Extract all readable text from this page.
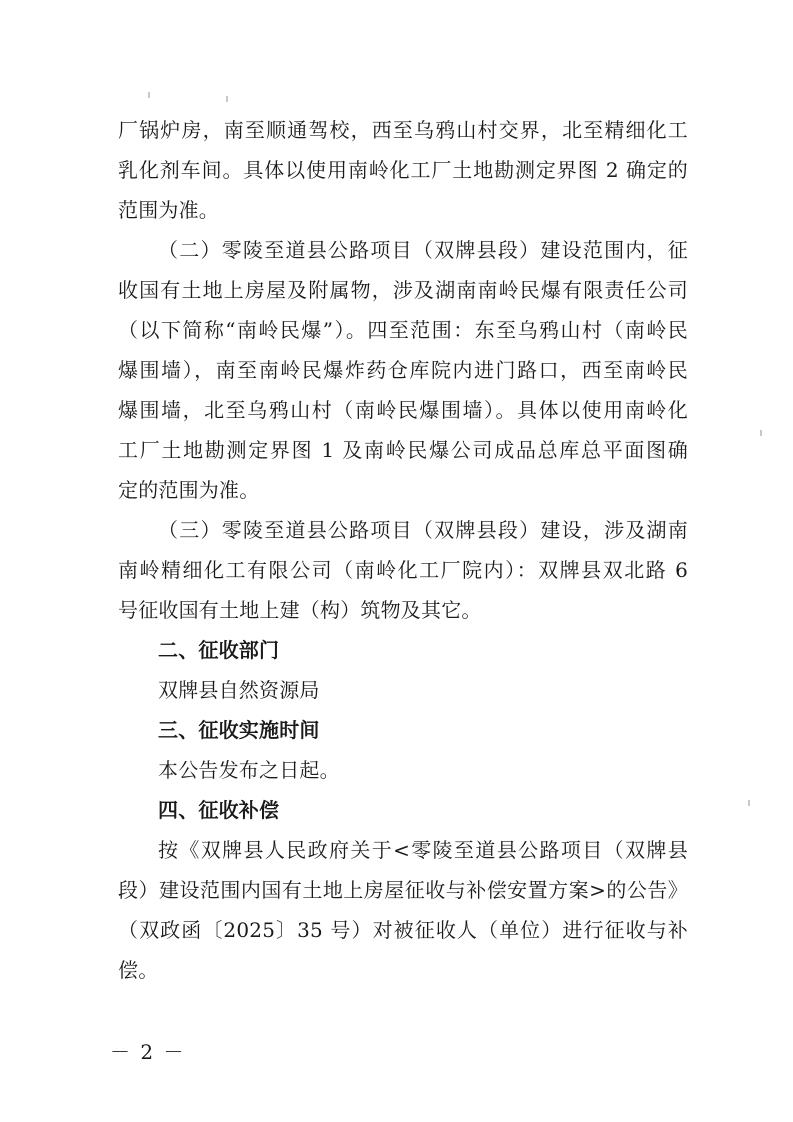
厂锅炉房，南至顺通驾校，西至乌鸦山村交界，北至精细化工
乳化剂车间。具体以使用南岭化工厂土地勘测定界图 2 确定的
范围为准。
（二）零陵至道县公路项目（双牌县段）建设范围内，征
收国有土地上房屋及附属物，涉及湖南南岭民爆有限责任公司
（以下简称“南岭民爆”）。四至范围：东至乌鸦山村（南岭民
爆围墙），南至南岭民爆炸药仓库院内进门路口，西至南岭民
爆围墙，北至乌鸦山村（南岭民爆围墙）。具体以使用南岭化
工厂土地勘测定界图 1 及南岭民爆公司成品总库总平面图确
定的范围为准。
（三）零陵至道县公路项目（双牌县段）建设，涉及湖南
南岭精细化工有限公司（南岭化工厂院内）：双牌县双北路 6
号征收国有土地上建（构）筑物及其它。
二、征收部门
双牌县自然资源局
三、征收实施时间
本公告发布之日起。
四、征收补偿
按《双牌县人民政府关于<零陵至道县公路项目（双牌县
段）建设范围内国有土地上房屋征收与补偿安置方案>的公告》
（双政函〔2025〕35 号）对被征收人（单位）进行征收与补
偿。
－ 2 －
